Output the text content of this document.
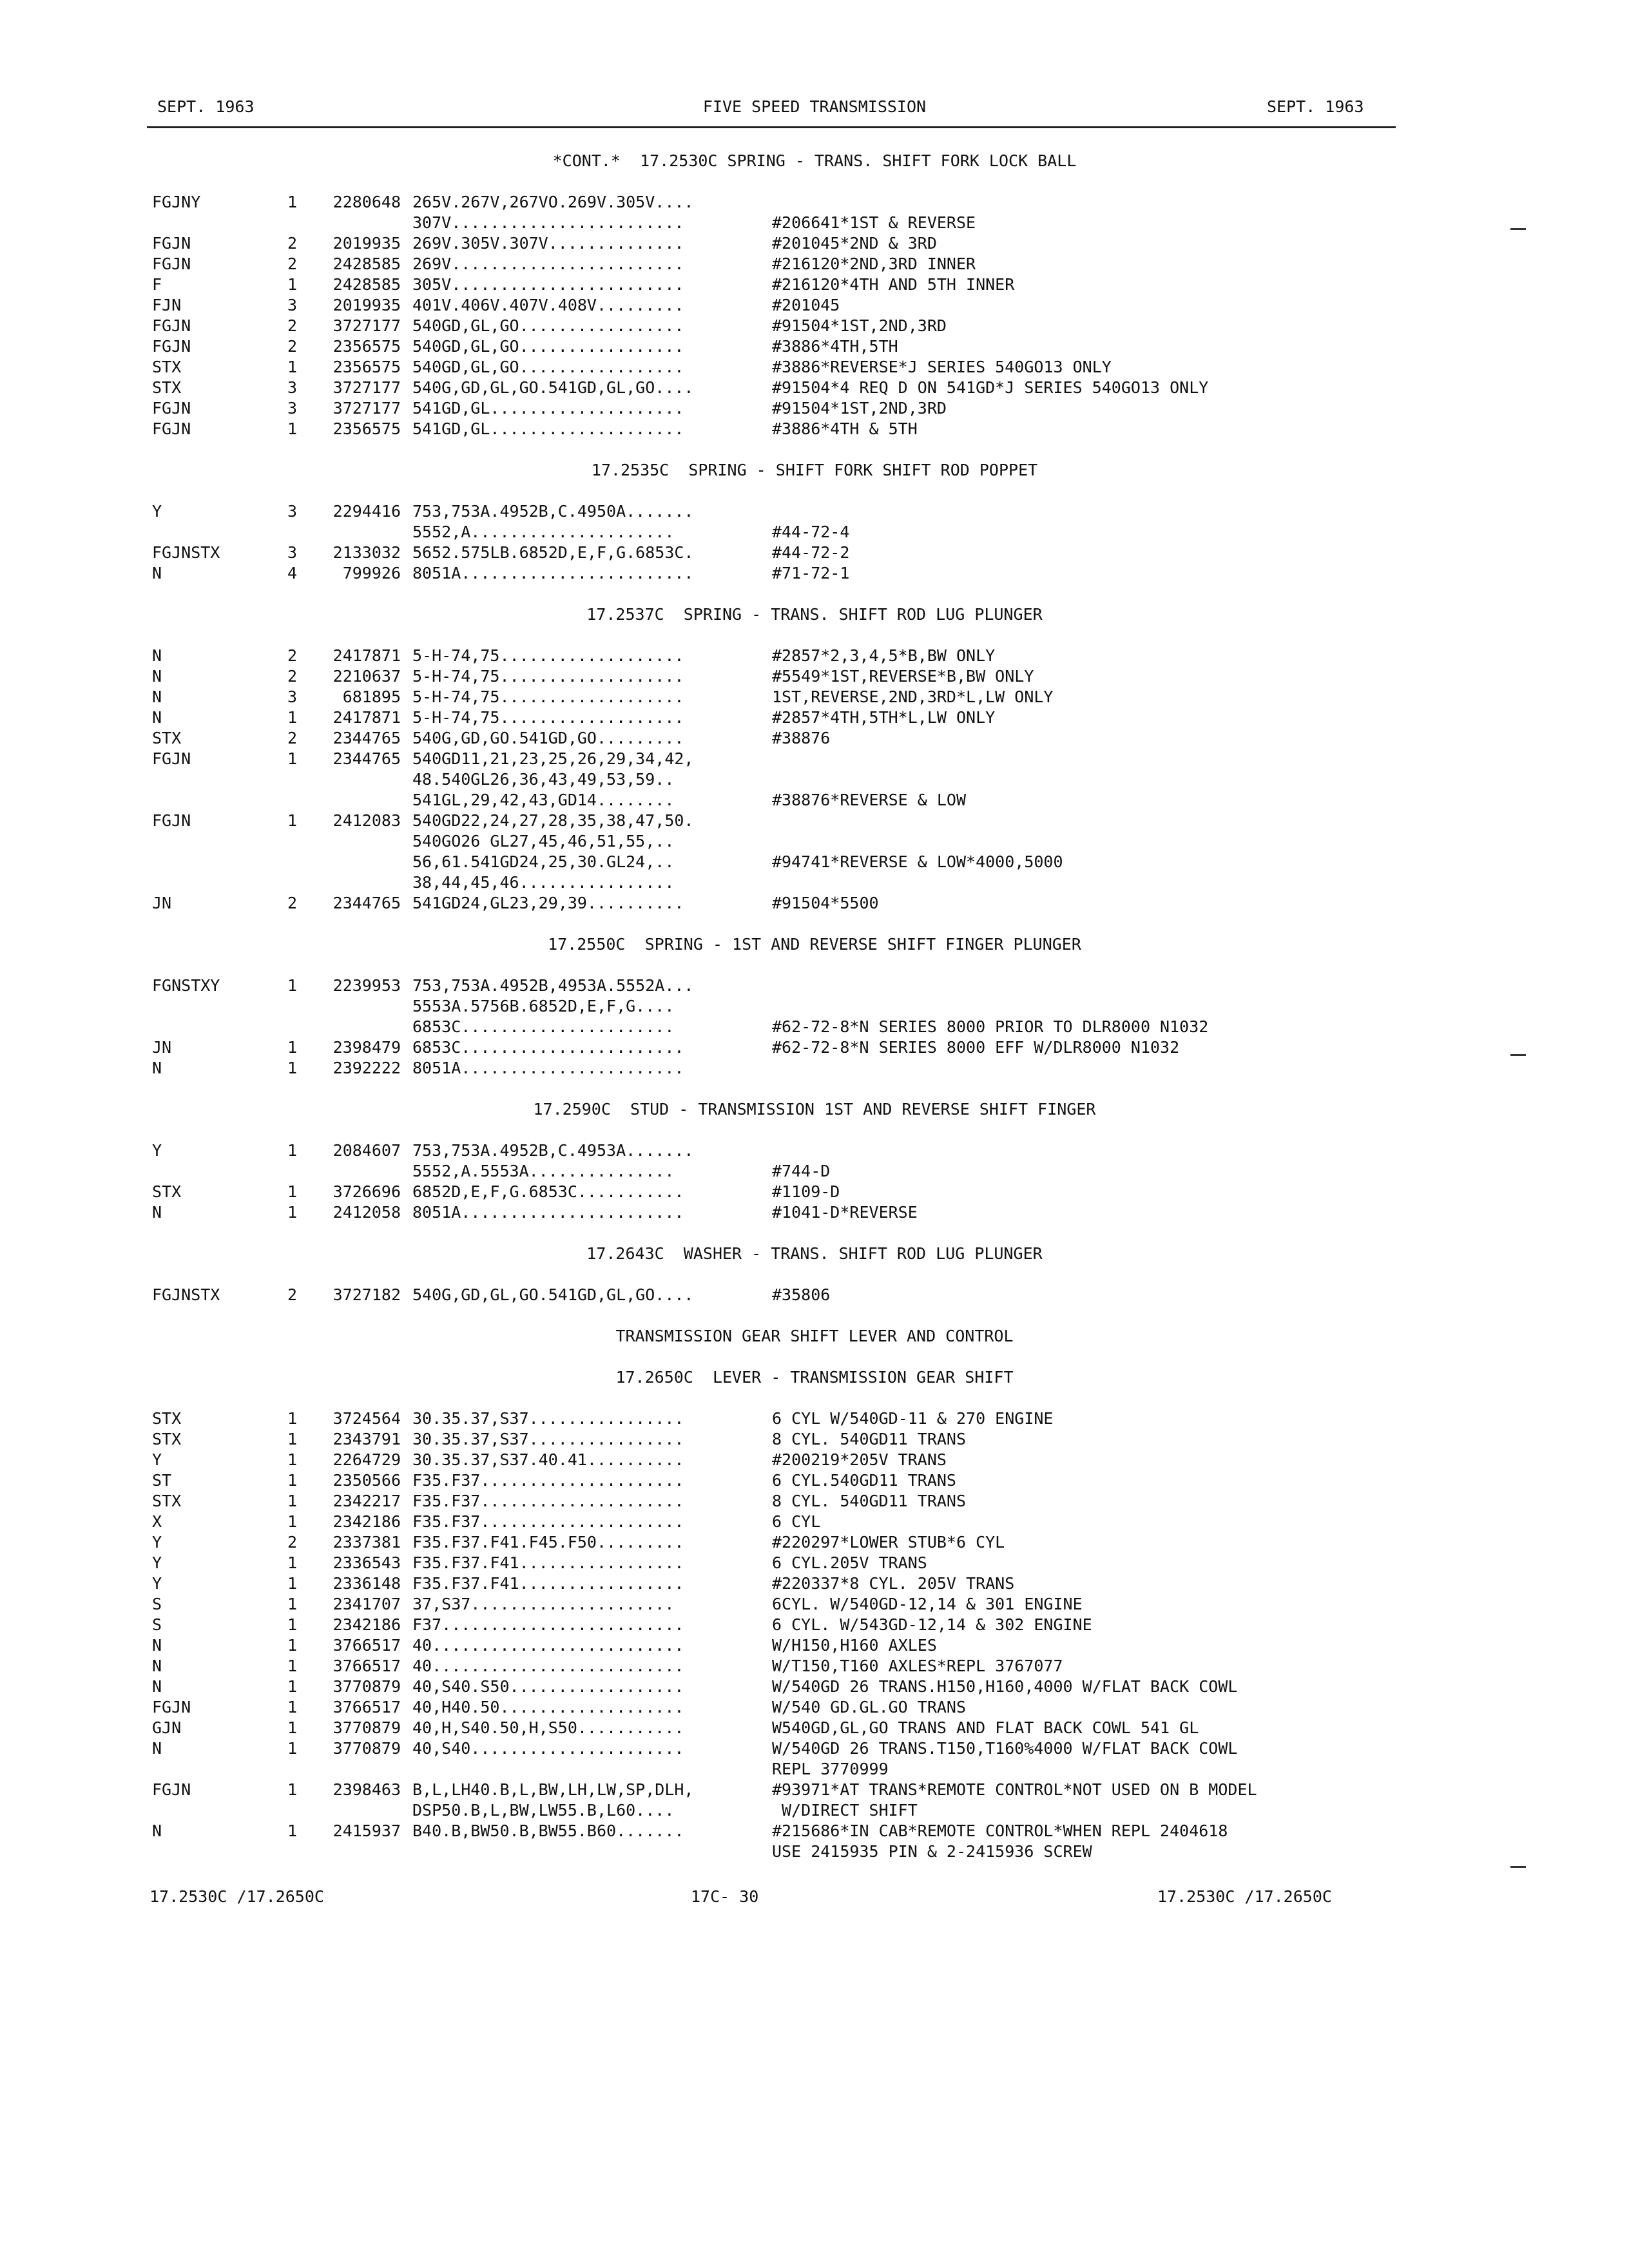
SEPT. 1963	FIVE SPEED TRANSMISSION	SEPT. 1963
*CONT.*  17.2530C SPRING - TRANS. SHIFT FORK LOCK BALL
FGJNY	1	2280648 265V.267V,267VO.269V.305V....
307V........................	#206641*1ST & REVERSE
FGJN	2	2019935 269V.305V.307V..............	#201045*2ND & 3RD
FGJN	2	2428585 269V........................	#216120*2ND,3RD INNER
F	1	2428585 305V........................	#216120*4TH AND 5TH INNER
FJN	3	2019935 401V.406V.407V.408V.........	#201045
FGJN	2	3727177 540GD,GL,GO.................	#91504*1ST,2ND,3RD
FGJN	2	2356575 540GD,GL,GO.................	#3886*4TH,5TH
STX	1	2356575 540GD,GL,GO.................	#3886*REVERSE*J SERIES 540GO13 ONLY
STX	3	3727177 540G,GD,GL,GO.541GD,GL,GO....	#91504*4 REQ D ON 541GD*J SERIES 540GO13 ONLY
FGJN	3	3727177 541GD,GL....................	#91504*1ST,2ND,3RD
FGJN	1	2356575 541GD,GL....................	#3886*4TH & 5TH
17.2535C  SPRING - SHIFT FORK SHIFT ROD POPPET
Y	3	2294416 753,753A.4952B,C.4950A.......
5552,A.....................	#44-72-4
FGJNSTX	3	2133032 5652.575LB.6852D,E,F,G.6853C.	#44-72-2
N	4	799926 8051A........................	#71-72-1
17.2537C  SPRING - TRANS. SHIFT ROD LUG PLUNGER
N	2	2417871 5-H-74,75...................	#2857*2,3,4,5*B,BW ONLY
N	2	2210637 5-H-74,75...................	#5549*1ST,REVERSE*B,BW ONLY
N	3	681895 5-H-74,75...................	1ST,REVERSE,2ND,3RD*L,LW ONLY
N	1	2417871 5-H-74,75...................	#2857*4TH,5TH*L,LW ONLY
STX	2	2344765 540G,GD,GO.541GD,GO.........	#38876
FGJN	1	2344765 540GD11,21,23,25,26,29,34,42,
48.540GL26,36,43,49,53,59..
541GL,29,42,43,GD14........	#38876*REVERSE & LOW
FGJN	1	2412083 540GD22,24,27,28,35,38,47,50.
540GO26 GL27,45,46,51,55,..
56,61.541GD24,25,30.GL24,..	#94741*REVERSE & LOW*4000,5000
38,44,45,46................
JN	2	2344765 541GD24,GL23,29,39..........	#91504*5500
17.2550C  SPRING - 1ST AND REVERSE SHIFT FINGER PLUNGER
FGNSTXY	1	2239953 753,753A.4952B,4953A.5552A...
5553A.5756B.6852D,E,F,G....
6853C......................	#62-72-8*N SERIES 8000 PRIOR TO DLR8000 N1032
JN	1	2398479 6853C.......................	#62-72-8*N SERIES 8000 EFF W/DLR8000 N1032
N	1	2392222 8051A.......................
17.2590C  STUD - TRANSMISSION 1ST AND REVERSE SHIFT FINGER
Y	1	2084607 753,753A.4952B,C.4953A.......
5552,A.5553A...............	#744-D
STX	1	3726696 6852D,E,F,G.6853C...........	#1109-D
N	1	2412058 8051A.......................	#1041-D*REVERSE
17.2643C  WASHER - TRANS. SHIFT ROD LUG PLUNGER
FGJNSTX	2	3727182 540G,GD,GL,GO.541GD,GL,GO....	#35806
TRANSMISSION GEAR SHIFT LEVER AND CONTROL
17.2650C  LEVER - TRANSMISSION GEAR SHIFT
STX	1	3724564 30.35.37,S37................	6 CYL W/540GD-11 & 270 ENGINE
STX	1	2343791 30.35.37,S37................	8 CYL. 540GD11 TRANS
Y	1	2264729 30.35.37,S37.40.41..........	#200219*205V TRANS
ST	1	2350566 F35.F37.....................	6 CYL.540GD11 TRANS
STX	1	2342217 F35.F37.....................	8 CYL. 540GD11 TRANS
X	1	2342186 F35.F37.....................	6 CYL
Y	2	2337381 F35.F37.F41.F45.F50.........	#220297*LOWER STUB*6 CYL
Y	1	2336543 F35.F37.F41.................	6 CYL.205V TRANS
Y	1	2336148 F35.F37.F41.................	#220337*8 CYL. 205V TRANS
S	1	2341707 37,S37.....................	6CYL. W/540GD-12,14 & 301 ENGINE
S	1	2342186 F37.........................	6 CYL. W/543GD-12,14 & 302 ENGINE
N	1	3766517 40..........................	W/H150,H160 AXLES
N	1	3766517 40..........................	W/T150,T160 AXLES*REPL 3767077
N	1	3770879 40,S40.S50..................	W/540GD 26 TRANS.H150,H160,4000 W/FLAT BACK COWL
FGJN	1	3766517 40,H40.50...................	W/540 GD.GL.GO TRANS
GJN	1	3770879 40,H,S40.50,H,S50...........	W540GD,GL,GO TRANS AND FLAT BACK COWL 541 GL
N	1	3770879 40,S40......................	W/540GD 26 TRANS.T150,T160%4000 W/FLAT BACK COWL
REPL 3770999
FGJN	1	2398463 B,L,LH40.B,L,BW,LH,LW,SP,DLH,	#93971*AT TRANS*REMOTE CONTROL*NOT USED ON B MODEL
DSP50.B,L,BW,LW55.B,L60....	W/DIRECT SHIFT
N	1	2415937 B40.B,BW50.B,BW55.B60.......	#215686*IN CAB*REMOTE CONTROL*WHEN REPL 2404618
USE 2415935 PIN & 2-2415936 SCREW
17.2530C /17.2650C	17C- 30	17.2530C /17.2650C
